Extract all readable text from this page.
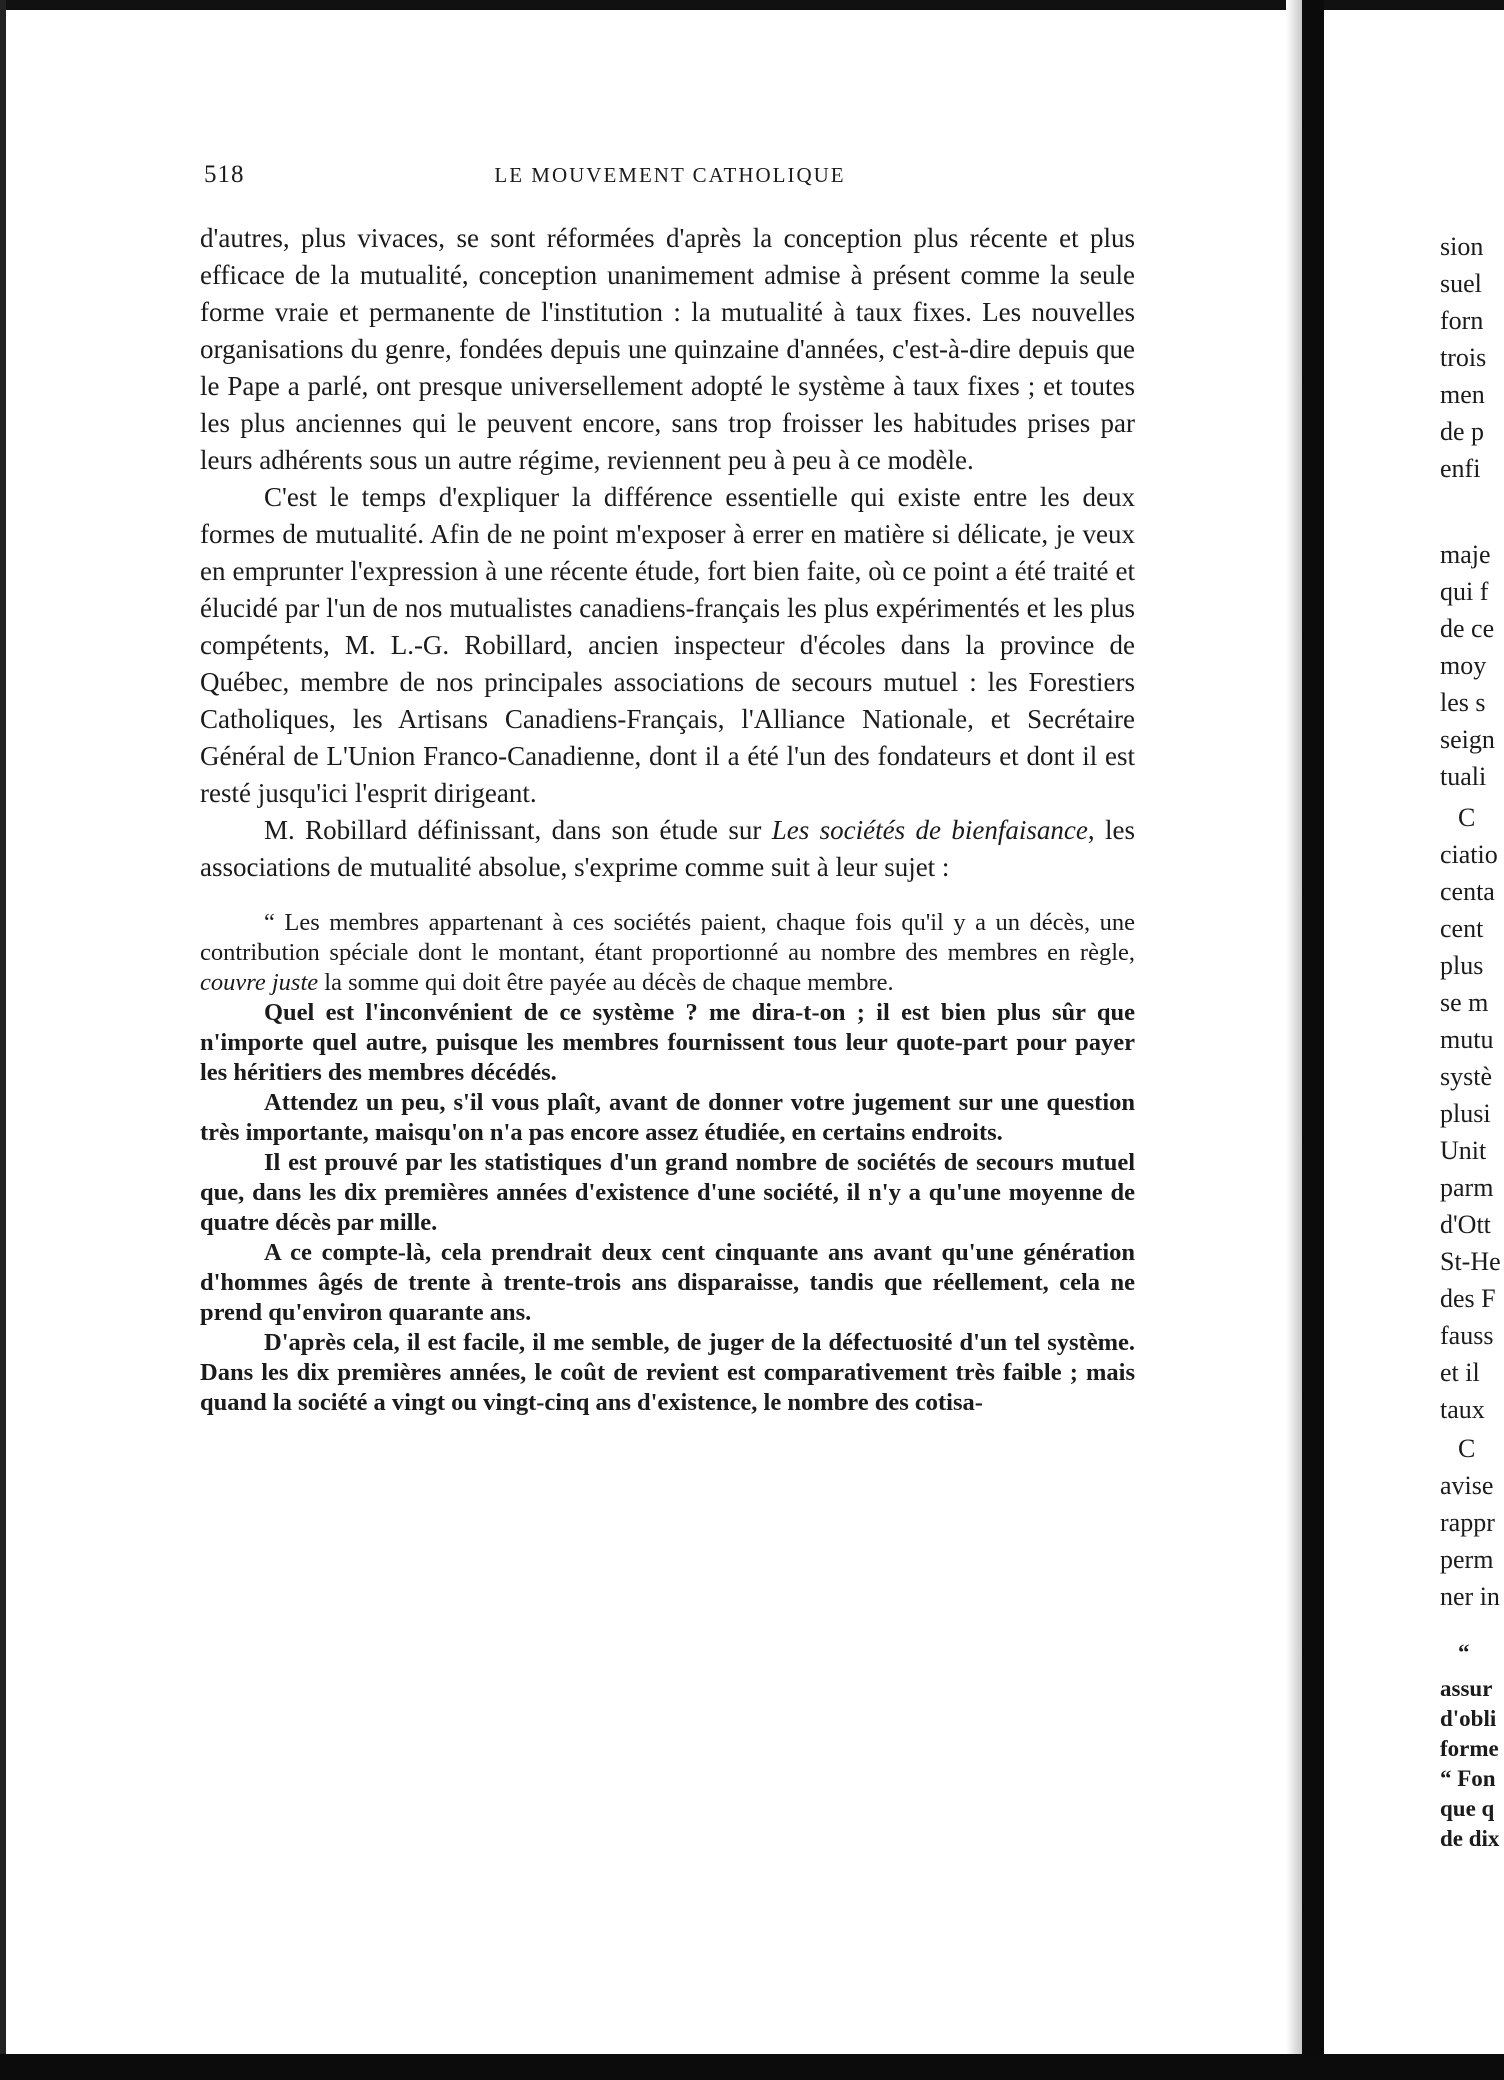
518	LE MOUVEMENT CATHOLIQUE

d'autres, plus vivaces, se sont réformées d'après la conception plus récente et plus efficace de la mutualité, conception unanimement admise à présent comme la seule forme vraie et permanente de l'institution : la mutualité à taux fixes. Les nouvelles organisations du genre, fondées depuis une quinzaine d'années, c'est-à-dire depuis que le Pape a parlé, ont presque universellement adopté le système à taux fixes ; et toutes les plus anciennes qui le peuvent encore, sans trop froisser les habitudes prises par leurs adhérents sous un autre régime, reviennent peu à peu à ce modèle.

C'est le temps d'expliquer la différence essentielle qui existe entre les deux formes de mutualité. Afin de ne point m'exposer à errer en matière si délicate, je veux en emprunter l'expression à une récente étude, fort bien faite, où ce point a été traité et élucidé par l'un de nos mutualistes canadiens-français les plus expérimentés et les plus compétents, M. L.-G. Robillard, ancien inspecteur d'écoles dans la province de Québec, membre de nos principales associations de secours mutuel : les Forestiers Catholiques, les Artisans Canadiens-Français, l'Alliance Nationale, et Secrétaire Général de L'Union Franco-Canadienne, dont il a été l'un des fondateurs et dont il est resté jusqu'ici l'esprit dirigeant.

M. Robillard définissant, dans son étude sur Les sociétés de bienfaisance, les associations de mutualité absolue, s'exprime comme suit à leur sujet :

“ Les membres appartenant à ces sociétés paient, chaque fois qu'il y a un décès, une contribution spéciale dont le montant, étant proportionné au nombre des membres en règle, couvre juste la somme qui doit être payée au décès de chaque membre.

Quel est l'inconvénient de ce système ? me dira-t-on ; il est bien plus sûr que n'importe quel autre, puisque les membres fournissent tous leur quote-part pour payer les héritiers des membres décédés.

Attendez un peu, s'il vous plaît, avant de donner votre jugement sur une question très importante, maisqu'on n'a pas encore assez étudiée, en certains endroits.

Il est prouvé par les statistiques d'un grand nombre de sociétés de secours mutuel que, dans les dix premières années d'existence d'une société, il n'y a qu'une moyenne de quatre décès par mille.

A ce compte-là, cela prendrait deux cent cinquante ans avant qu'une génération d'hommes âgés de trente à trente-trois ans disparaisse, tandis que réellement, cela ne prend qu'environ quarante ans.

D'après cela, il est facile, il me semble, de juger de la défectuosité d'un tel système. Dans les dix premières années, le coût de revient est comparativement très faible ; mais quand la société a vingt ou vingt-cinq ans d'existence, le nombre des cotisa-

sion
suel
forn
trois
men
de p
enfi
maje
qui f
de ce
moy
les s
seign
tuali
C
ciatio
centa
cent
plus
se m
mutu
systè
plusi
Unit
parm
d'Ott
St-He
des F
fauss
et il
taux
C
avise
rappr
perm
ner in
“
assur
d'obli
forme
“ Fon
que q
de dix
